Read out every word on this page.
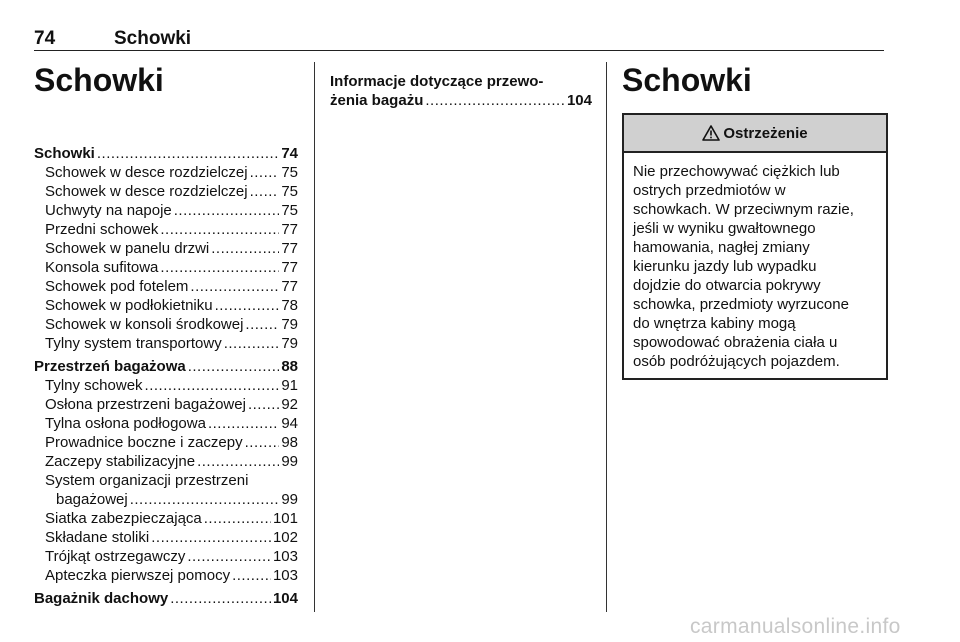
74	Schowki
Schowki
Schowki .....	74
Schowek w desce rozdzielczej ..... 75
Schowek w desce rozdzielczej ..... 75
Uchwyty na napoje .....	75
Przedni schowek .....	77
Schowek w panelu drzwi .....	77
Konsola sufitowa .....	77
Schowek pod fotelem .....	77
Schowek w podłokietniku .....	78
Schowek w konsoli środkowej .....	79
Tylny system transportowy .....	79
Przestrzeń bagażowa .....	88
Tylny schowek .....	91
Osłona przestrzeni bagażowej ..... 92
Tylna osłona podłogowa .....	94
Prowadnice boczne i zaczepy .....	98
Zaczepy stabilizacyjne .....	99
System organizacji przestrzeni
bagażowej .....	99
Siatka zabezpieczająca .....	101
Składane stoliki .....	102
Trójkąt ostrzegawczy .....	103
Apteczka pierwszej pomocy .....	103
Bagażnik dachowy .....	104
Informacje dotyczące przewo-
żenia bagażu .....	104
Schowki
Ostrzeżenie
Nie przechowywać ciężkich lub
ostrych przedmiotów w
schowkach. W przeciwnym razie,
jeśli w wyniku gwałtownego
hamowania, nagłej zmiany
kierunku jazdy lub wypadku
dojdzie do otwarcia pokrywy
schowka, przedmioty wyrzucone
do wnętrza kabiny mogą
spowodować obrażenia ciała u
osób podróżujących pojazdem.
carmanualsonline.info
